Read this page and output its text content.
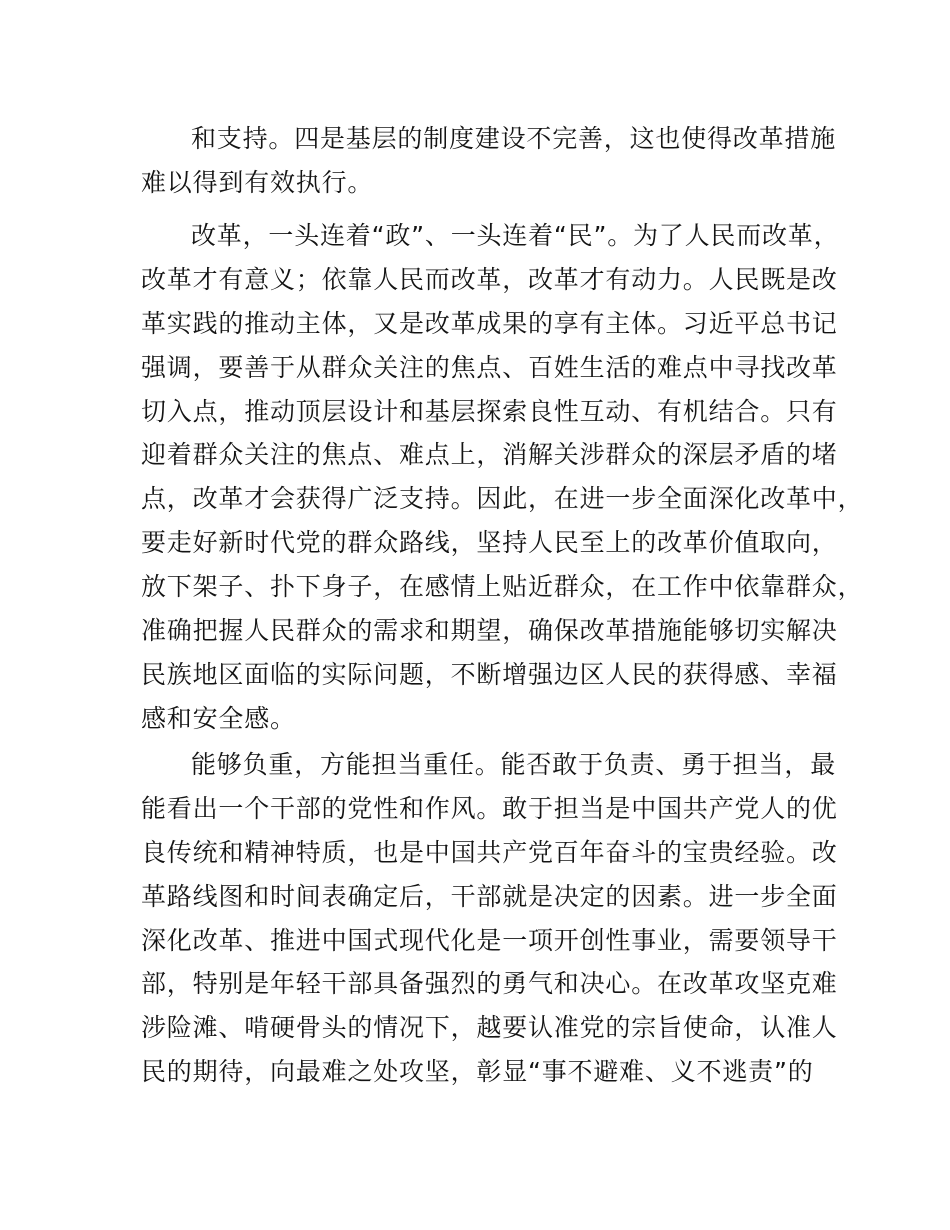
和支持。四是基层的制度建设不完善，这也使得改革措施
难以得到有效执行。
改革，一头连着“政”、一头连着“民”。为了人民而改革，
改革才有意义；依靠人民而改革，改革才有动力。人民既是改
革实践的推动主体，又是改革成果的享有主体。习近平总书记
强调，要善于从群众关注的焦点、百姓生活的难点中寻找改革
切入点，推动顶层设计和基层探索良性互动、有机结合。只有
迎着群众关注的焦点、难点上，消解关涉群众的深层矛盾的堵
点，改革才会获得广泛支持。因此，在进一步全面深化改革中，
要走好新时代党的群众路线，坚持人民至上的改革价值取向，
放下架子、扑下身子，在感情上贴近群众，在工作中依靠群众，
准确把握人民群众的需求和期望，确保改革措施能够切实解决
民族地区面临的实际问题，不断增强边区人民的获得感、幸福
感和安全感。
能够负重，方能担当重任。能否敢于负责、勇于担当，最
能看出一个干部的党性和作风。敢于担当是中国共产党人的优
良传统和精神特质，也是中国共产党百年奋斗的宝贵经验。改
革路线图和时间表确定后，干部就是决定的因素。进一步全面
深化改革、推进中国式现代化是一项开创性事业，需要领导干
部，特别是年轻干部具备强烈的勇气和决心。在改革攻坚克难
涉险滩、啃硬骨头的情况下，越要认准党的宗旨使命，认准人
民的期待，向最难之处攻坚，彰显“事不避难、义不逃责”的
